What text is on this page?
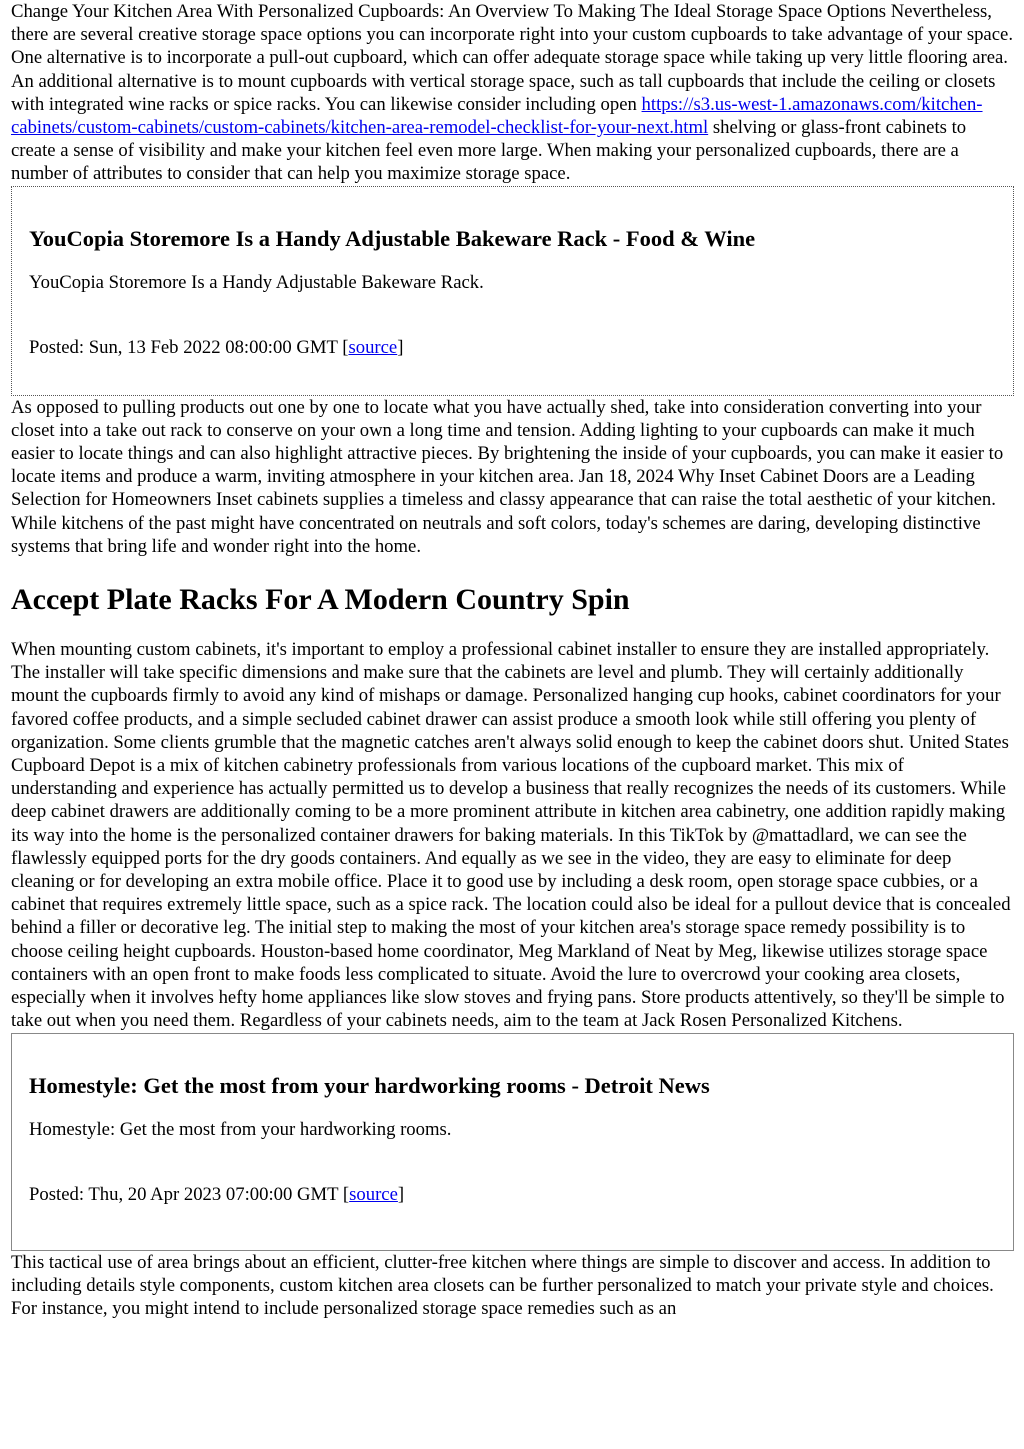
Change Your Kitchen Area With Personalized Cupboards: An Overview To Making The Ideal Storage Space Options Nevertheless, there are several creative storage space options you can incorporate right into your custom cupboards to take advantage of your space. One alternative is to incorporate a pull-out cupboard, which can offer adequate storage space while taking up very little flooring area. An additional alternative is to mount cupboards with vertical storage space, such as tall cupboards that include the ceiling or closets with integrated wine racks or spice racks. You can likewise consider including open https://s3.us-west-1.amazonaws.com/kitchen-cabinets/custom-cabinets/custom-cabinets/kitchen-area-remodel-checklist-for-your-next.html shelving or glass-front cabinets to create a sense of visibility and make your kitchen feel even more large. When making your personalized cupboards, there are a number of attributes to consider that can help you maximize storage space.

YouCopia Storemore Is a Handy Adjustable Bakeware Rack - Food & Wine

YouCopia Storemore Is a Handy Adjustable Bakeware Rack.

Posted: Sun, 13 Feb 2022 08:00:00 GMT [source]

As opposed to pulling products out one by one to locate what you have actually shed, take into consideration converting into your closet into a take out rack to conserve on your own a long time and tension. Adding lighting to your cupboards can make it much easier to locate things and can also highlight attractive pieces. By brightening the inside of your cupboards, you can make it easier to locate items and produce a warm, inviting atmosphere in your kitchen area. Jan 18, 2024 Why Inset Cabinet Doors are a Leading Selection for Homeowners Inset cabinets supplies a timeless and classy appearance that can raise the total aesthetic of your kitchen. While kitchens of the past might have concentrated on neutrals and soft colors, today's schemes are daring, developing distinctive systems that bring life and wonder right into the home.

Accept Plate Racks For A Modern Country Spin

When mounting custom cabinets, it's important to employ a professional cabinet installer to ensure they are installed appropriately. The installer will take specific dimensions and make sure that the cabinets are level and plumb. They will certainly additionally mount the cupboards firmly to avoid any kind of mishaps or damage. Personalized hanging cup hooks, cabinet coordinators for your favored coffee products, and a simple secluded cabinet drawer can assist produce a smooth look while still offering you plenty of organization. Some clients grumble that the magnetic catches aren't always solid enough to keep the cabinet doors shut. United States Cupboard Depot is a mix of kitchen cabinetry professionals from various locations of the cupboard market. This mix of understanding and experience has actually permitted us to develop a business that really recognizes the needs of its customers. While deep cabinet drawers are additionally coming to be a more prominent attribute in kitchen area cabinetry, one addition rapidly making its way into the home is the personalized container drawers for baking materials. In this TikTok by @mattadlard, we can see the flawlessly equipped ports for the dry goods containers. And equally as we see in the video, they are easy to eliminate for deep cleaning or for developing an extra mobile office. Place it to good use by including a desk room, open storage space cubbies, or a cabinet that requires extremely little space, such as a spice rack. The location could also be ideal for a pullout device that is concealed behind a filler or decorative leg. The initial step to making the most of your kitchen area's storage space remedy possibility is to choose ceiling height cupboards. Houston-based home coordinator, Meg Markland of Neat by Meg, likewise utilizes storage space containers with an open front to make foods less complicated to situate. Avoid the lure to overcrowd your cooking area closets, especially when it involves hefty home appliances like slow stoves and frying pans. Store products attentively, so they'll be simple to take out when you need them. Regardless of your cabinets needs, aim to the team at Jack Rosen Personalized Kitchens.

Homestyle: Get the most from your hardworking rooms - Detroit News

Homestyle: Get the most from your hardworking rooms.

Posted: Thu, 20 Apr 2023 07:00:00 GMT [source]

This tactical use of area brings about an efficient, clutter-free kitchen where things are simple to discover and access. In addition to including details style components, custom kitchen area closets can be further personalized to match your private style and choices. For instance, you might intend to include personalized storage space remedies such as an
